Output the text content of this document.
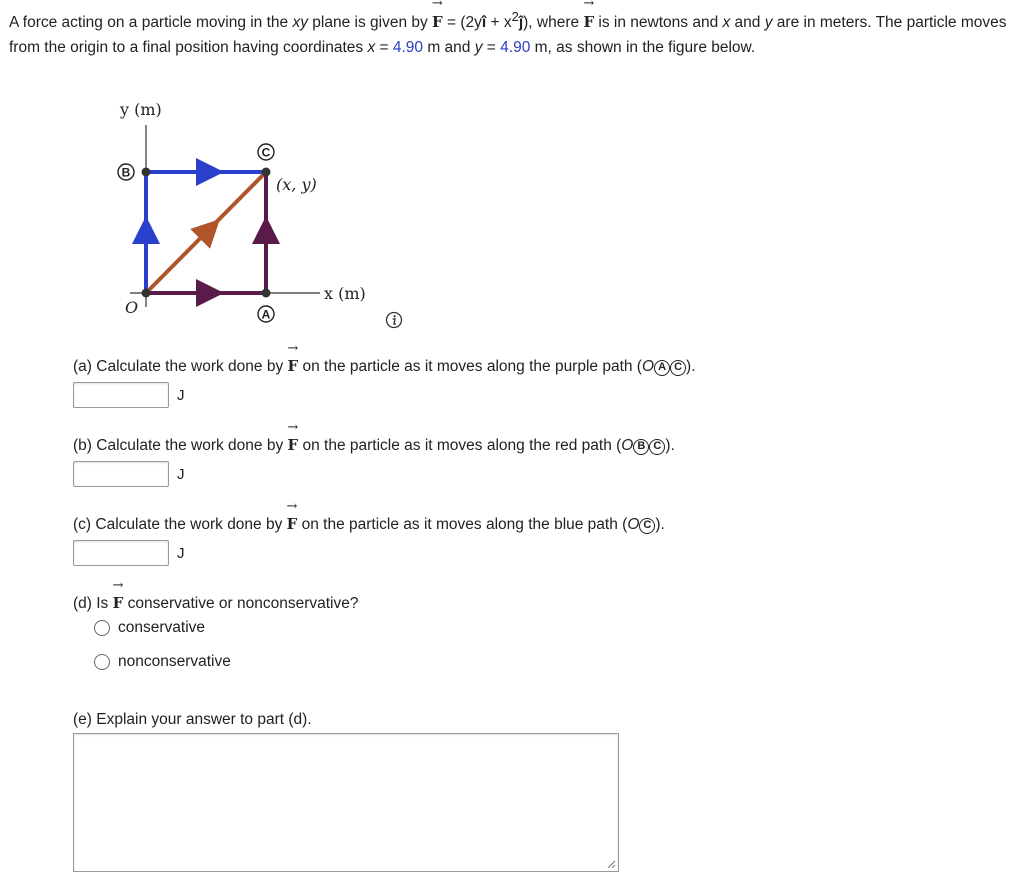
A force acting on a particle moving in the xy plane is given by → F = (2yî + $x^2ĵ$), where → F is in newtons and x and y are in meters. The particle moves from the origin to a final position having coordinates x = 4.90 m and y = 4.90 m, as shown in the figure below.
y (m)
x (m)
O	A
B
C
(x, y)
(a) Calculate the work done by → F on the particle as it moves along the purple path (O A C ).
J
(b) Calculate the work done by → F on the particle as it moves along the red path (O B C ).
J
(c) Calculate the work done by → F on the particle as it moves along the blue path (O C ).
J
(d) Is → F conservative or nonconservative?
conservative
nonconservative
(e) Explain your answer to part (d).
